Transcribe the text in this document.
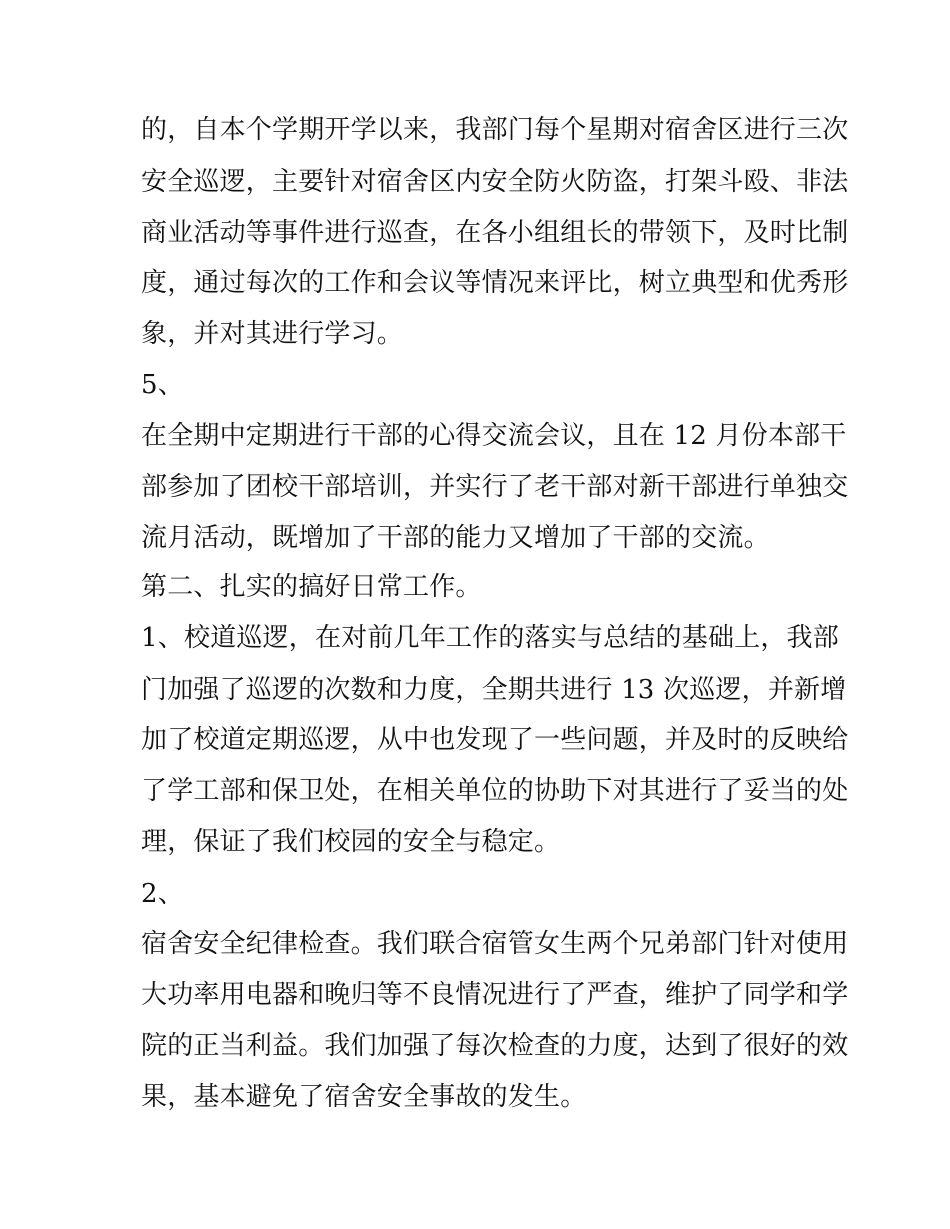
的，自本个学期开学以来，我部门每个星期对宿舍区进行三次
安全巡逻，主要针对宿舍区内安全防火防盗，打架斗殴、非法
商业活动等事件进行巡查，在各小组组长的带领下，及时比制
度，通过每次的工作和会议等情况来评比，树立典型和优秀形
象，并对其进行学习。
5、
在全期中定期进行干部的心得交流会议，且在 12 月份本部干
部参加了团校干部培训，并实行了老干部对新干部进行单独交
流月活动，既增加了干部的能力又增加了干部的交流。
第二、扎实的搞好日常工作。
1、校道巡逻，在对前几年工作的落实与总结的基础上，我部
门加强了巡逻的次数和力度，全期共进行 13 次巡逻，并新增
加了校道定期巡逻，从中也发现了一些问题，并及时的反映给
了学工部和保卫处，在相关单位的协助下对其进行了妥当的处
理，保证了我们校园的安全与稳定。
2、
宿舍安全纪律检查。我们联合宿管女生两个兄弟部门针对使用
大功率用电器和晚归等不良情况进行了严查，维护了同学和学
院的正当利益。我们加强了每次检查的力度，达到了很好的效
果，基本避免了宿舍安全事故的发生。
